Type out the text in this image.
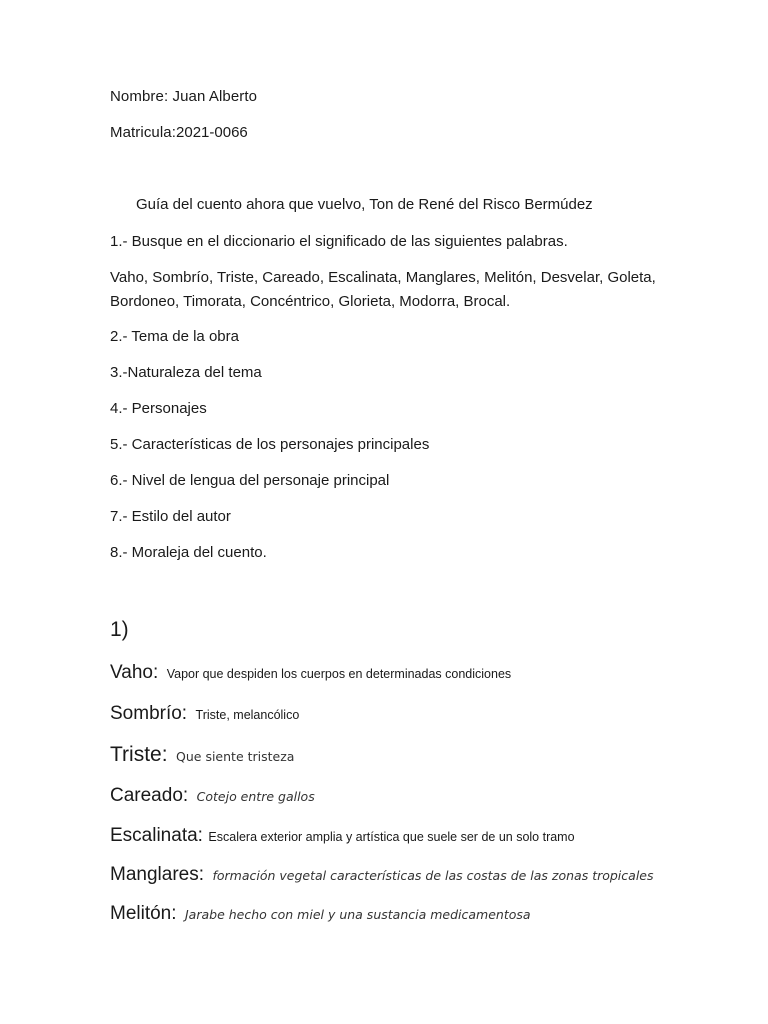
Nombre: Juan Alberto
Matricula:2021-0066
Guía del cuento ahora que vuelvo, Ton de René del Risco Bermúdez
1.- Busque en el diccionario el significado de las siguientes palabras.
Vaho, Sombrío, Triste, Careado, Escalinata, Manglares, Melitón, Desvelar, Goleta, Bordoneo, Timorata, Concéntrico, Glorieta, Modorra, Brocal.
2.- Tema de la obra
3.-Naturaleza del tema
4.- Personajes
5.- Características de los personajes principales
6.- Nivel de lengua del personaje principal
7.- Estilo del autor
8.- Moraleja del cuento.
1)
Vaho: Vapor que despiden los cuerpos en determinadas condiciones
Sombrío: Triste, melancólico
Triste: Que siente tristeza
Careado: Cotejo entre gallos
Escalinata: Escalera exterior amplia y artística que suele ser de un solo tramo
Manglares: formación vegetal características de las costas de las zonas tropicales
Melitón: Jarabe hecho con miel y una sustancia medicamentosa
